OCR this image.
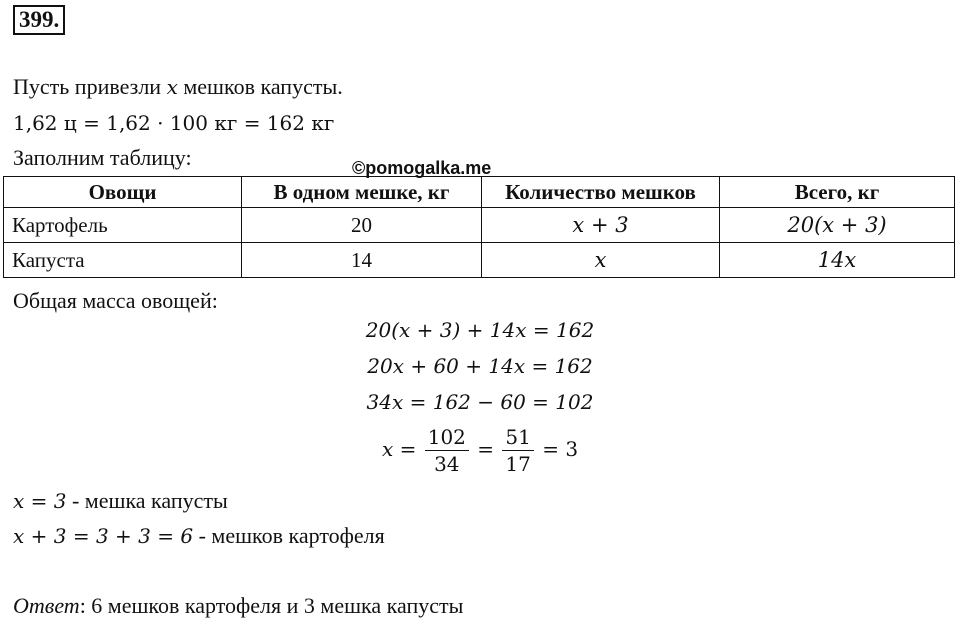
399.
Пусть привезли x мешков капусты.
1,62 ц = 1,62 · 100 кг = 162 кг
Заполним таблицу:	©pomogalka.me
Овощи	В одном мешке, кг	Количество мешков	Всего, кг
Картофель	20	x + 3	20(x + 3)
Капуста	14	x	14x
Общая масса овощей:
20(x + 3) + 14x = 162
20x + 60 + 14x = 162
34x = 162 − 60 = 102
$x = \frac{102}{34} = \frac{51}{17} = 3$
x = 3 - мешка капусты
x + 3 = 3 + 3 = 6 - мешков картофеля
Ответ: 6 мешков картофеля и 3 мешка капусты
